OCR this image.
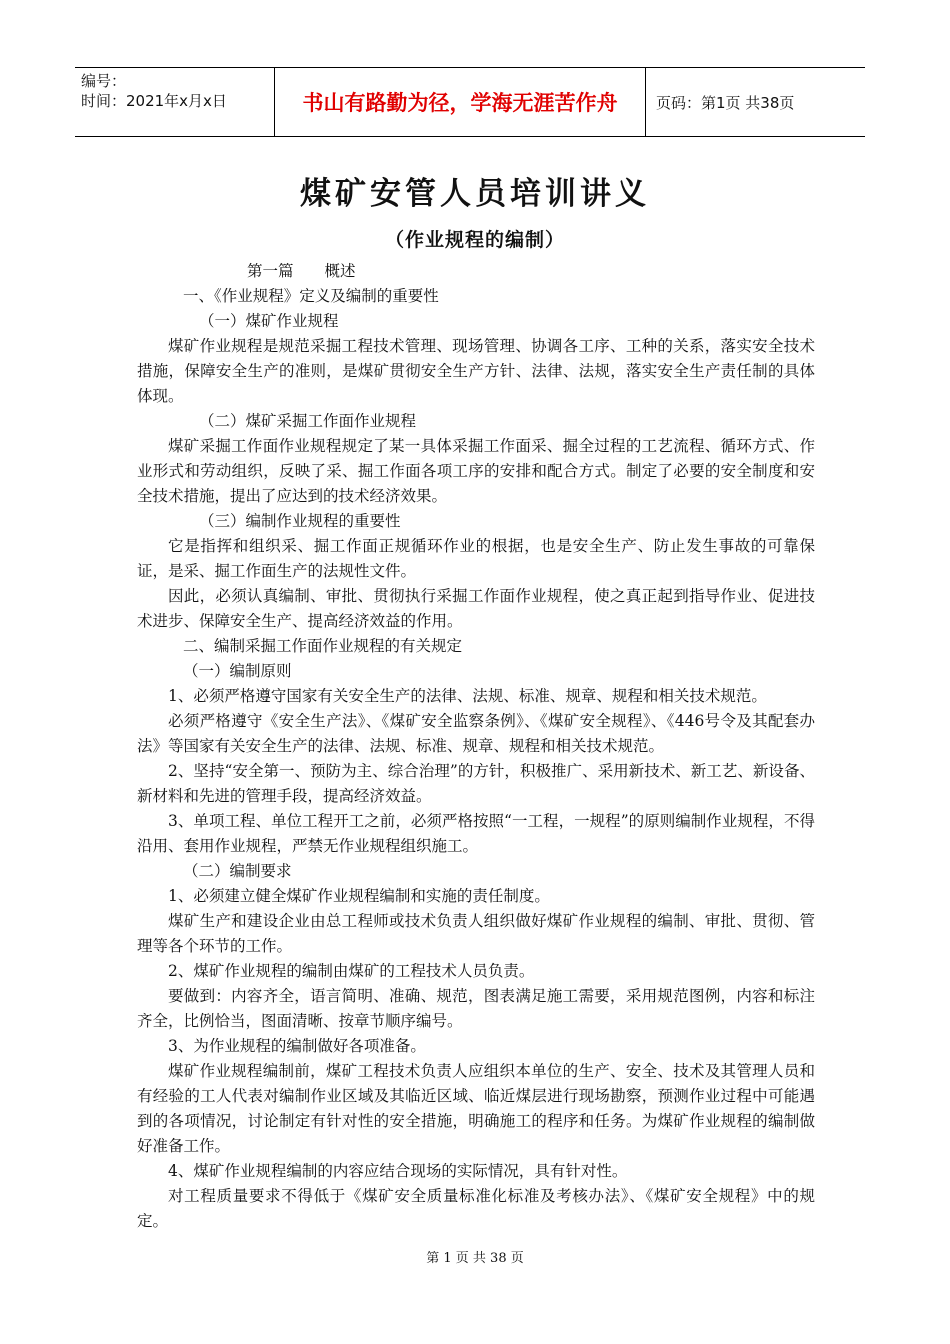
编号：
时间：2021年x月x日	书山有路勤为径，学海无涯苦作舟	页码：第1页 共38页
煤矿安管人员培训讲义
（作业规程的编制）

第一篇　　概述

一、《作业规程》定义及编制的重要性

（一）煤矿作业规程

煤矿作业规程是规范采掘工程技术管理、现场管理、协调各工序、工种的关系，落实安全技术措施，保障安全生产的准则，是煤矿贯彻安全生产方针、法律、法规，落实安全生产责任制的具体体现。

（二）煤矿采掘工作面作业规程

煤矿采掘工作面作业规程规定了某一具体采掘工作面采、掘全过程的工艺流程、循环方式、作业形式和劳动组织，反映了采、掘工作面各项工序的安排和配合方式。制定了必要的安全制度和安全技术措施，提出了应达到的技术经济效果。

（三）编制作业规程的重要性

它是指挥和组织采、掘工作面正规循环作业的根据，也是安全生产、防止发生事故的可靠保证，是采、掘工作面生产的法规性文件。

因此，必须认真编制、审批、贯彻执行采掘工作面作业规程，使之真正起到指导作业、促进技术进步、保障安全生产、提高经济效益的作用。

二、编制采掘工作面作业规程的有关规定

（一）编制原则

1、必须严格遵守国家有关安全生产的法律、法规、标准、规章、规程和相关技术规范。

必须严格遵守《安全生产法》、《煤矿安全监察条例》、《煤矿安全规程》、《446号令及其配套办法》等国家有关安全生产的法律、法规、标准、规章、规程和相关技术规范。

2、坚持“安全第一、预防为主、综合治理”的方针，积极推广、采用新技术、新工艺、新设备、新材料和先进的管理手段，提高经济效益。

3、单项工程、单位工程开工之前，必须严格按照“一工程，一规程”的原则编制作业规程，不得沿用、套用作业规程，严禁无作业规程组织施工。

（二）编制要求

1、必须建立健全煤矿作业规程编制和实施的责任制度。

煤矿生产和建设企业由总工程师或技术负责人组织做好煤矿作业规程的编制、审批、贯彻、管理等各个环节的工作。

2、煤矿作业规程的编制由煤矿的工程技术人员负责。

要做到：内容齐全，语言简明、准确、规范，图表满足施工需要，采用规范图例，内容和标注齐全，比例恰当，图面清晰、按章节顺序编号。

3、为作业规程的编制做好各项准备。

煤矿作业规程编制前，煤矿工程技术负责人应组织本单位的生产、安全、技术及其管理人员和有经验的工人代表对编制作业区域及其临近区域、临近煤层进行现场勘察，预测作业过程中可能遇到的各项情况，讨论制定有针对性的安全措施，明确施工的程序和任务。为煤矿作业规程的编制做好准备工作。

4、煤矿作业规程编制的内容应结合现场的实际情况，具有针对性。

对工程质量要求不得低于《煤矿安全质量标准化标准及考核办法》、《煤矿安全规程》中的规定。

第 1 页 共 38 页
